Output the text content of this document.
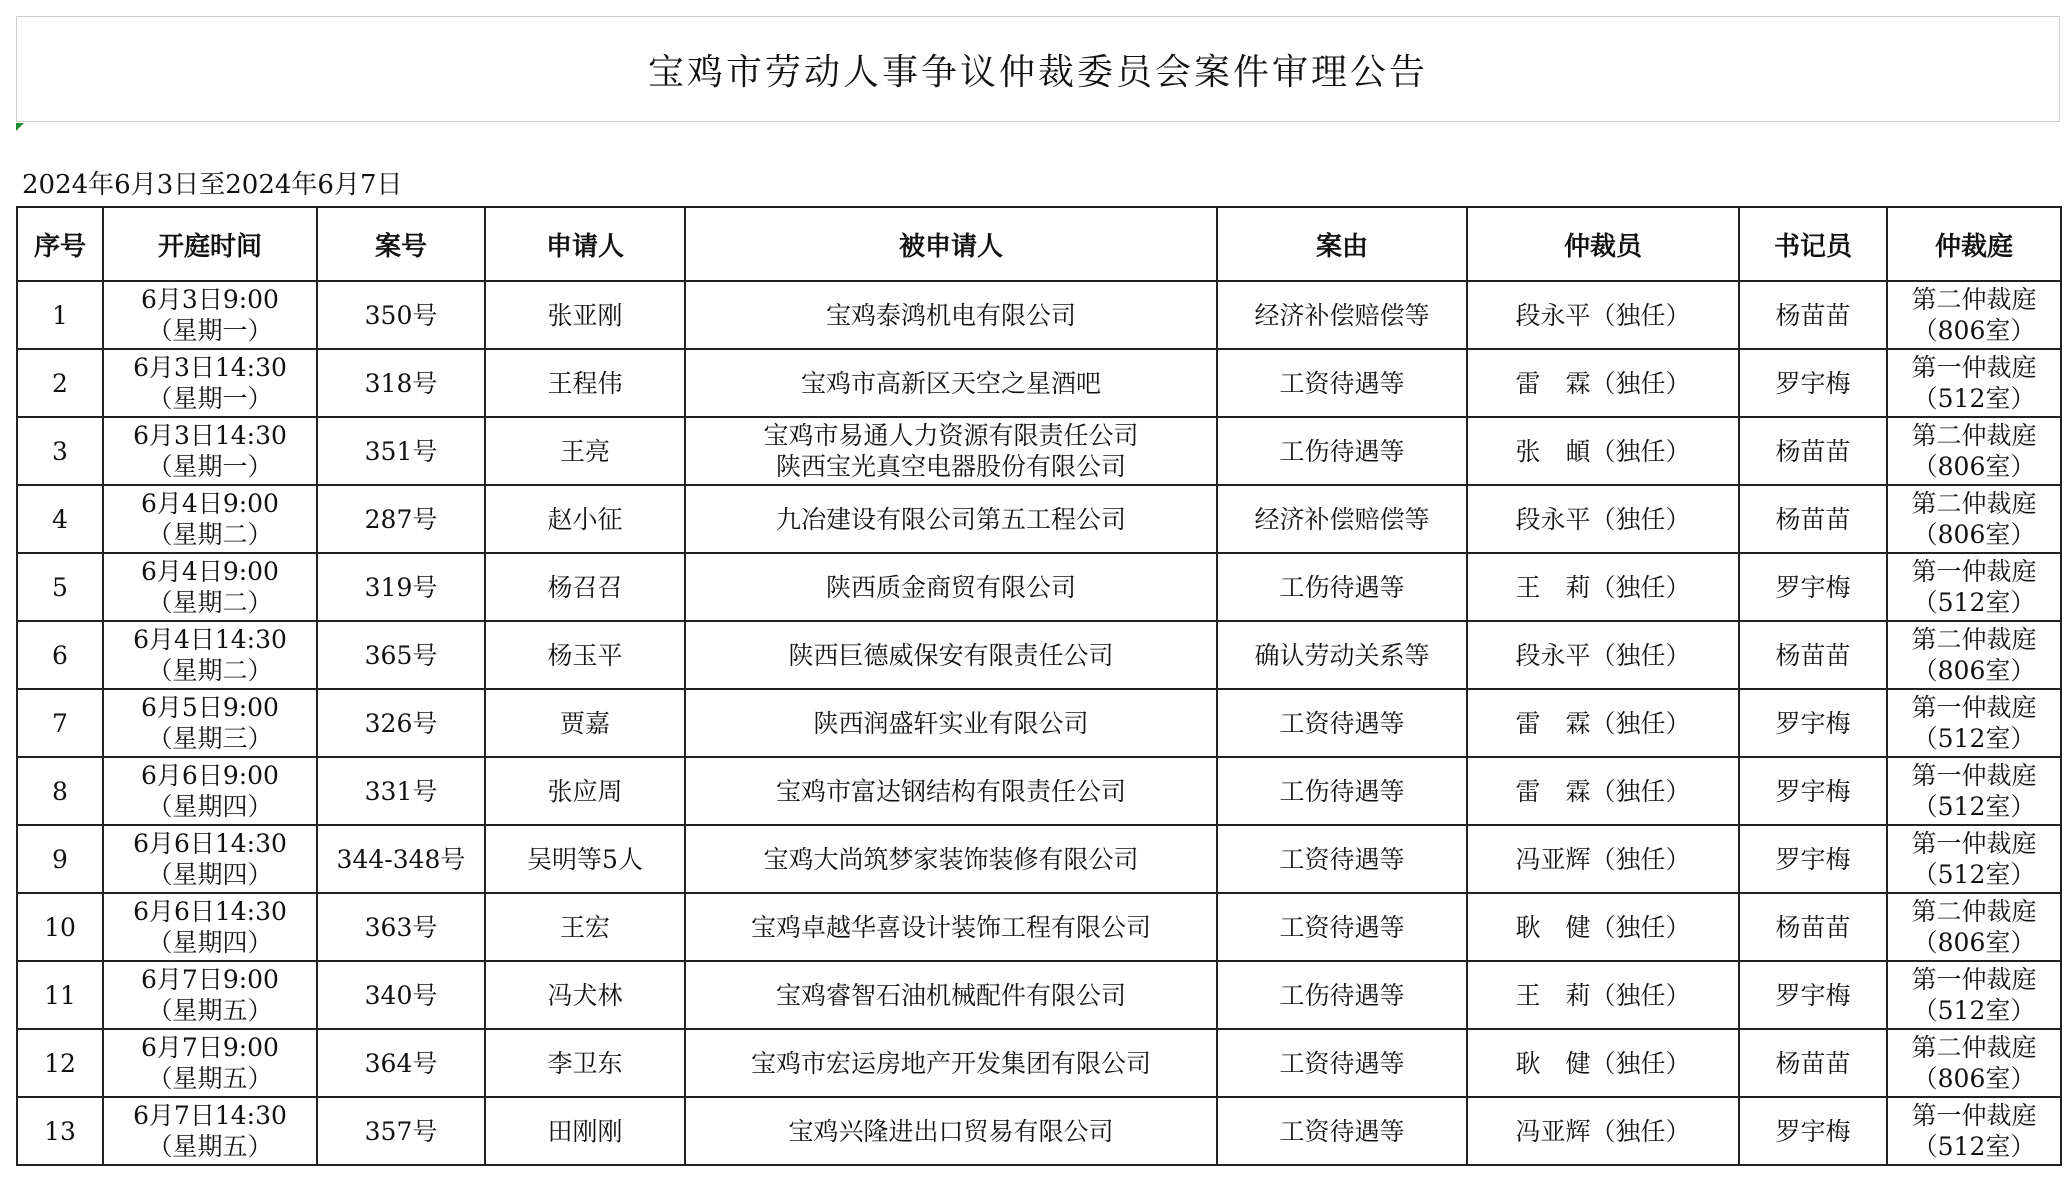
宝鸡市劳动人事争议仲裁委员会案件审理公告
2024年6月3日至2024年6月7日
序号	开庭时间	案号	申请人	被申请人	案由	仲裁员	书记员	仲裁庭
1	6月3日9:00
（星期一）	350号	张亚刚	宝鸡泰鸿机电有限公司	经济补偿赔偿等	段永平（独任）	杨苗苗	第二仲裁庭
（806室）

2	6月3日14:30
（星期一）	318号	王程伟	宝鸡市高新区天空之星酒吧	工资待遇等	雷　霖（独任）	罗宇梅	第一仲裁庭
（512室）

3	6月3日14:30
（星期一）	351号	王亮	宝鸡市易通人力资源有限责任公司
陕西宝光真空电器股份有限公司	工伤待遇等	张　頔（独任）	杨苗苗	第二仲裁庭
（806室）

4	6月4日9:00
（星期二）	287号	赵小征	九冶建设有限公司第五工程公司	经济补偿赔偿等	段永平（独任）	杨苗苗	第二仲裁庭
（806室）

5	6月4日9:00
（星期二）	319号	杨召召	陕西质金商贸有限公司	工伤待遇等	王　莉（独任）	罗宇梅	第一仲裁庭
（512室）

6	6月4日14:30
（星期二）	365号	杨玉平	陕西巨德威保安有限责任公司	确认劳动关系等	段永平（独任）	杨苗苗	第二仲裁庭
（806室）

7	6月5日9:00
（星期三）	326号	贾嘉	陕西润盛轩实业有限公司	工资待遇等	雷　霖（独任）	罗宇梅	第一仲裁庭
（512室）

8	6月6日9:00
（星期四）	331号	张应周	宝鸡市富达钢结构有限责任公司	工伤待遇等	雷　霖（独任）	罗宇梅	第一仲裁庭
（512室）

9	6月6日14:30
（星期四）	344-348号	吴明等5人	宝鸡大尚筑梦家装饰装修有限公司	工资待遇等	冯亚辉（独任）	罗宇梅	第一仲裁庭
（512室）

10	6月6日14:30
（星期四）	363号	王宏	宝鸡卓越华喜设计装饰工程有限公司	工资待遇等	耿　健（独任）	杨苗苗	第二仲裁庭
（806室）

11	6月7日9:00
（星期五）	340号	冯犬林	宝鸡睿智石油机械配件有限公司	工伤待遇等	王　莉（独任）	罗宇梅	第一仲裁庭
（512室）

12	6月7日9:00
（星期五）	364号	李卫东	宝鸡市宏运房地产开发集团有限公司	工资待遇等	耿　健（独任）	杨苗苗	第二仲裁庭
（806室）

13	6月7日14:30
（星期五）	357号	田刚刚	宝鸡兴隆进出口贸易有限公司	工资待遇等	冯亚辉（独任）	罗宇梅	第一仲裁庭
（512室）
